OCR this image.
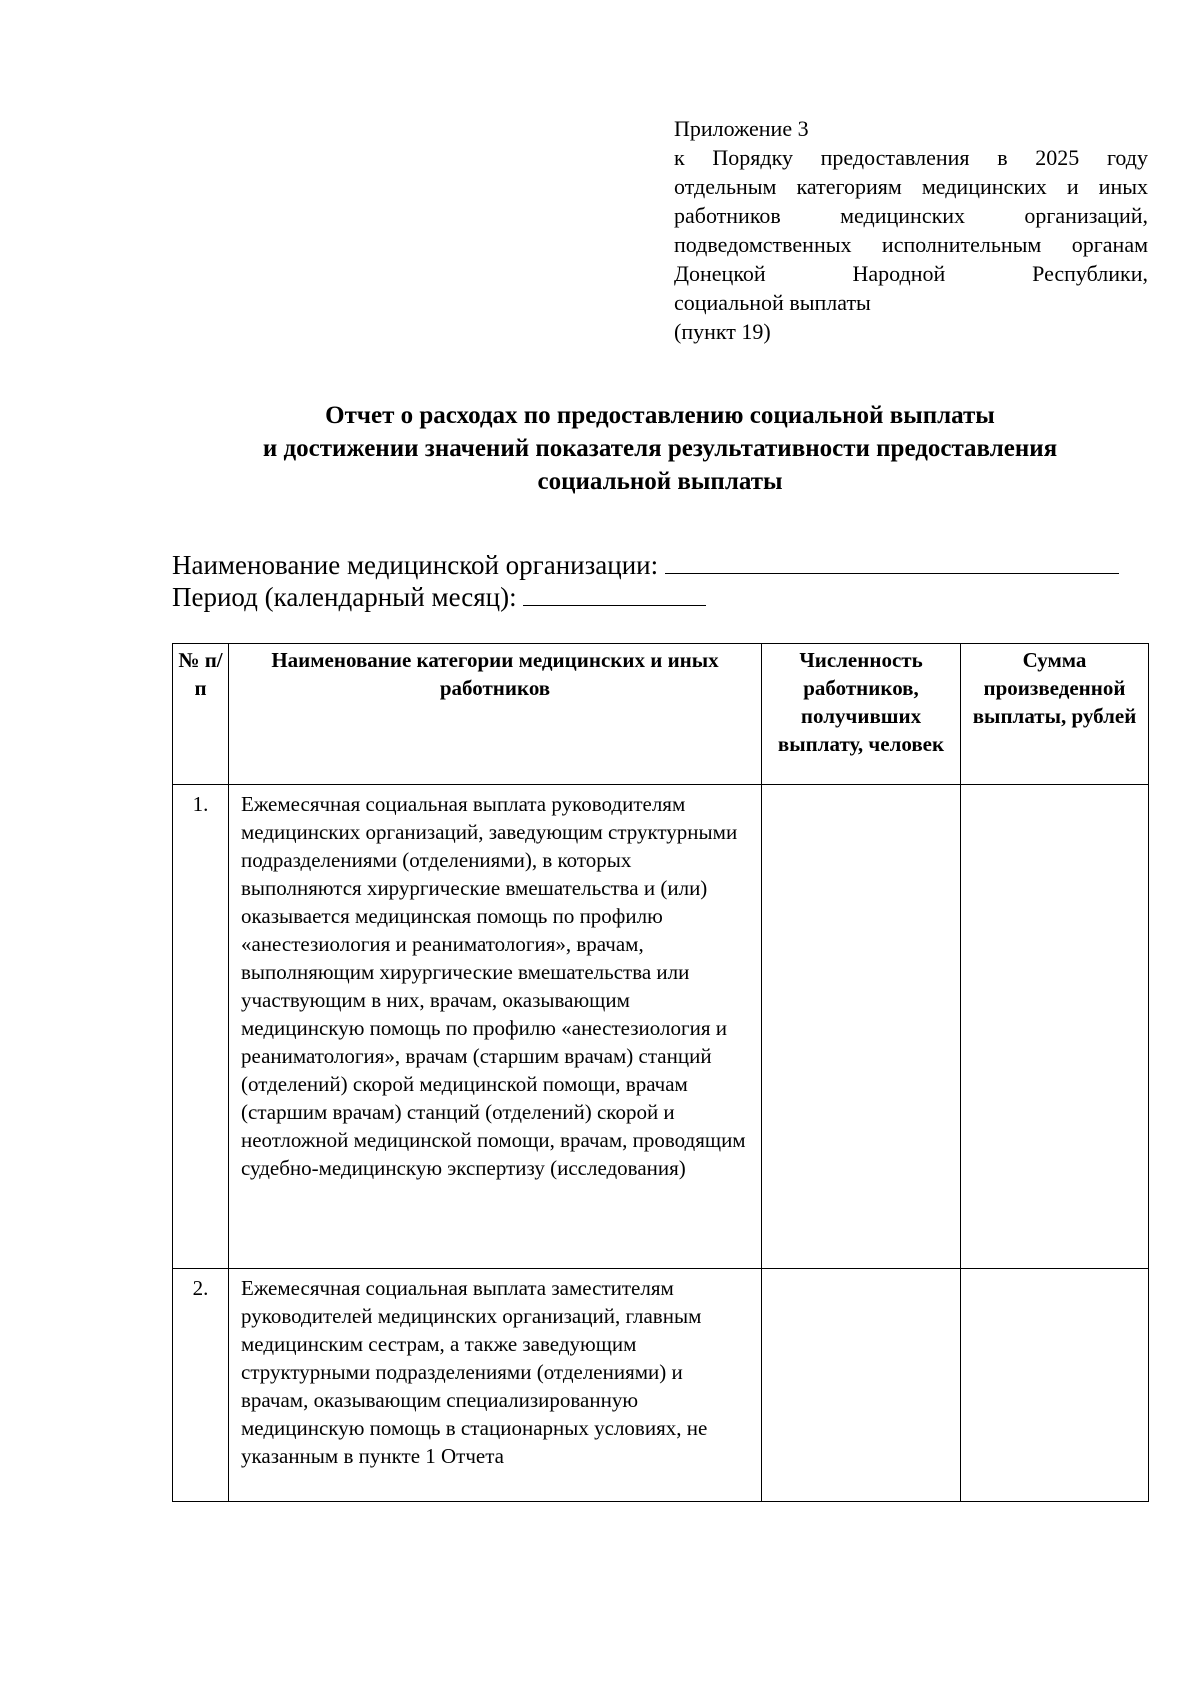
Приложение 3
к Порядку предоставления в 2025 году
отдельным категориям медицинских и иных
работников медицинских организаций,
подведомственных исполнительным органам
Донецкой Народной Республики,
социальной выплаты
(пункт 19)
Отчет о расходах по предоставлению социальной выплаты
и достижении значений показателя результативности предоставления
социальной выплаты
Наименование медицинской организации:
Период (календарный месяц):
№ п/п	Наименование категории медицинских и иных работников	Численность работников, получивших выплату, человек	Сумма произведенной выплаты, рублей
1.	Ежемесячная социальная выплата руководителям медицинских организаций, заведующим структурными подразделениями (отделениями), в которых выполняются хирургические вмешательства и (или) оказывается медицинская помощь по профилю «анестезиология и реаниматология», врачам, выполняющим хирургические вмешательства или участвующим в них, врачам, оказывающим медицинскую помощь по профилю «анестезиология и реаниматология», врачам (старшим врачам) станций (отделений) скорой медицинской помощи, врачам (старшим врачам) станций (отделений) скорой и неотложной медицинской помощи, врачам, проводящим судебно-медицинскую экспертизу (исследования)		
2.	Ежемесячная социальная выплата заместителям руководителей медицинских организаций, главным медицинским сестрам, а также заведующим структурными подразделениями (отделениями) и врачам, оказывающим специализированную медицинскую помощь в стационарных условиях, не указанным в пункте 1 Отчета		
